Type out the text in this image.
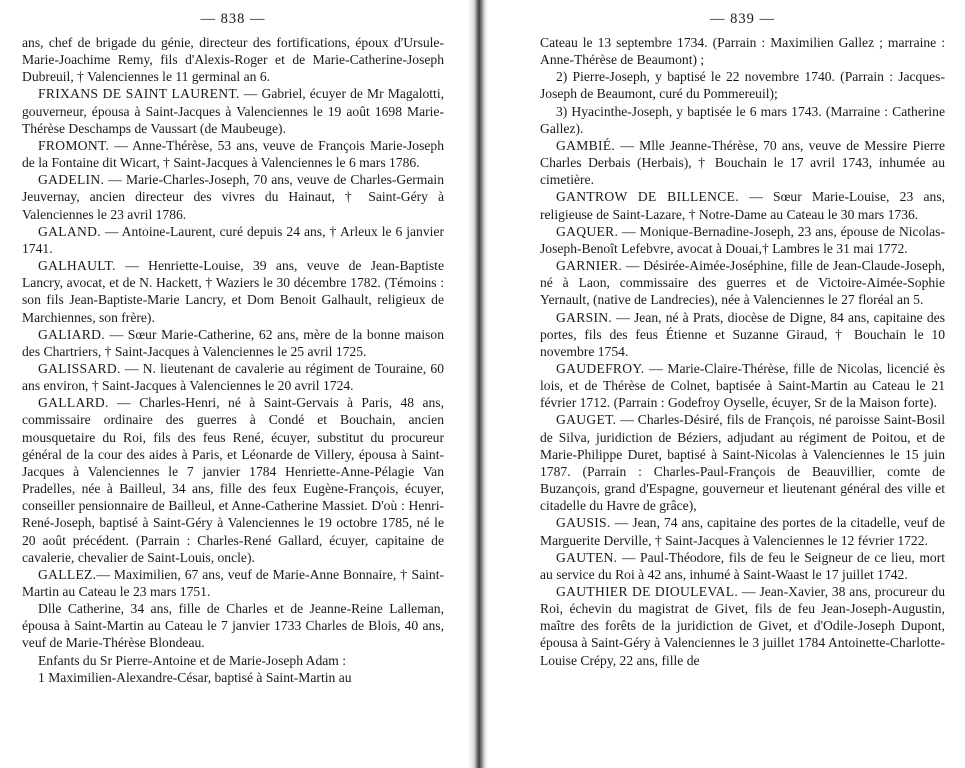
— 838 —

ans, chef de brigade du génie, directeur des fortifications, époux d'Ursule-Marie-Joachime Remy, fils d'Alexis-Roger et de Marie-Catherine-Joseph Dubreuil, † Valenciennes le 11 germinal an 6.

FRIXANS DE SAINT LAURENT. — Gabriel, écuyer de Mr Magalotti, gouverneur, épousa à Saint-Jacques à Valenciennes le 19 août 1698 Marie-Thérèse Deschamps de Vaussart (de Maubeuge).

FROMONT. — Anne-Thérèse, 53 ans, veuve de François Marie-Joseph de la Fontaine dit Wicart, † Saint-Jacques à Valenciennes le 6 mars 1786.

GADELIN. — Marie-Charles-Joseph, 70 ans, veuve de Charles-Germain Jeuvernay, ancien directeur des vivres du Hainaut, † Saint-Géry à Valenciennes le 23 avril 1786.

GALAND. — Antoine-Laurent, curé depuis 24 ans, † Arleux le 6 janvier 1741.

GALHAULT. — Henriette-Louise, 39 ans, veuve de Jean-Baptiste Lancry, avocat, et de N. Hackett, † Waziers le 30 décembre 1782. (Témoins : son fils Jean-Baptiste-Marie Lancry, et Dom Benoit Galhault, religieux de Marchiennes, son frère).

GALIARD. — Sœur Marie-Catherine, 62 ans, mère de la bonne maison des Chartriers, † Saint-Jacques à Valenciennes le 25 avril 1725.

GALISSARD. — N. lieutenant de cavalerie au régiment de Touraine, 60 ans environ, † Saint-Jacques à Valenciennes le 20 avril 1724.

GALLARD. — Charles-Henri, né à Saint-Gervais à Paris, 48 ans, commissaire ordinaire des guerres à Condé et Bouchain, ancien mousquetaire du Roi, fils des feus René, écuyer, substitut du procureur général de la cour des aides à Paris, et Léonarde de Villery, épousa à Saint-Jacques à Valenciennes le 7 janvier 1784 Henriette-Anne-Pélagie Van Pradelles, née à Bailleul, 34 ans, fille des feux Eugène-François, écuyer, conseiller pensionnaire de Bailleul, et Anne-Catherine Massiet. D'où : Henri-René-Joseph, baptisé à Saint-Géry à Valenciennes le 19 octobre 1785, né le 20 août précédent. (Parrain : Charles-René Gallard, écuyer, capitaine de cavalerie, chevalier de Saint-Louis, oncle).

GALLEZ.— Maximilien, 67 ans, veuf de Marie-Anne Bonnaire, † Saint-Martin au Cateau le 23 mars 1751.

Dlle Catherine, 34 ans, fille de Charles et de Jeanne-Reine Lalleman, épousa à Saint-Martin au Cateau le 7 janvier 1733 Charles de Blois, 40 ans, veuf de Marie-Thérèse Blondeau.

Enfants du Sr Pierre-Antoine et de Marie-Joseph Adam :

1 Maximilien-Alexandre-César, baptisé à Saint-Martin au

— 839 —

Cateau le 13 septembre 1734. (Parrain : Maximilien Gallez ; marraine : Anne-Thérèse de Beaumont) ;

2) Pierre-Joseph, y baptisé le 22 novembre 1740. (Parrain : Jacques-Joseph de Beaumont, curé du Pommereuil);

3) Hyacinthe-Joseph, y baptisée le 6 mars 1743. (Marraine : Catherine Gallez).

GAMBIÉ. — Mlle Jeanne-Thérèse, 70 ans, veuve de Messire Pierre Charles Derbais (Herbais), † Bouchain le 17 avril 1743, inhumée au cimetière.

GANTROW DE BILLENCE. — Sœur Marie-Louise, 23 ans, religieuse de Saint-Lazare, † Notre-Dame au Cateau le 30 mars 1736.

GAQUER. — Monique-Bernadine-Joseph, 23 ans, épouse de Nicolas-Joseph-Benoît Lefebvre, avocat à Douai,† Lambres le 31 mai 1772.

GARNIER. — Désirée-Aimée-Joséphine, fille de Jean-Claude-Joseph, né à Laon, commissaire des guerres et de Victoire-Aimée-Sophie Yernault, (native de Landrecies), née à Valenciennes le 27 floréal an 5.

GARSIN. — Jean, né à Prats, diocèse de Digne, 84 ans, capitaine des portes, fils des feus Étienne et Suzanne Giraud, † Bouchain le 10 novembre 1754.

GAUDEFROY. — Marie-Claire-Thérèse, fille de Nicolas, licencié ès lois, et de Thérèse de Colnet, baptisée à Saint-Martin au Cateau le 21 février 1712. (Parrain : Godefroy Oyselle, écuyer, Sr de la Maison forte).

GAUGET. — Charles-Désiré, fils de François, né paroisse Saint-Bosil de Silva, juridiction de Béziers, adjudant au régiment de Poitou, et de Marie-Philippe Duret, baptisé à Saint-Nicolas à Valenciennes le 15 juin 1787. (Parrain : Charles-Paul-François de Beauvillier, comte de Buzançois, grand d'Espagne, gouverneur et lieutenant général des ville et citadelle du Havre de grâce),

GAUSIS. — Jean, 74 ans, capitaine des portes de la citadelle, veuf de Marguerite Derville, † Saint-Jacques à Valenciennes le 12 février 1722.

GAUTEN. — Paul-Théodore, fils de feu le Seigneur de ce lieu, mort au service du Roi à 42 ans, inhumé à Saint-Waast le 17 juillet 1742.

GAUTHIER DE DIOULEVAL. — Jean-Xavier, 38 ans, procureur du Roi, échevin du magistrat de Givet, fils de feu Jean-Joseph-Augustin, maître des forêts de la juridiction de Givet, et d'Odile-Joseph Dupont, épousa à Saint-Géry à Valenciennes le 3 juillet 1784 Antoinette-Charlotte-Louise Crépy, 22 ans, fille de
